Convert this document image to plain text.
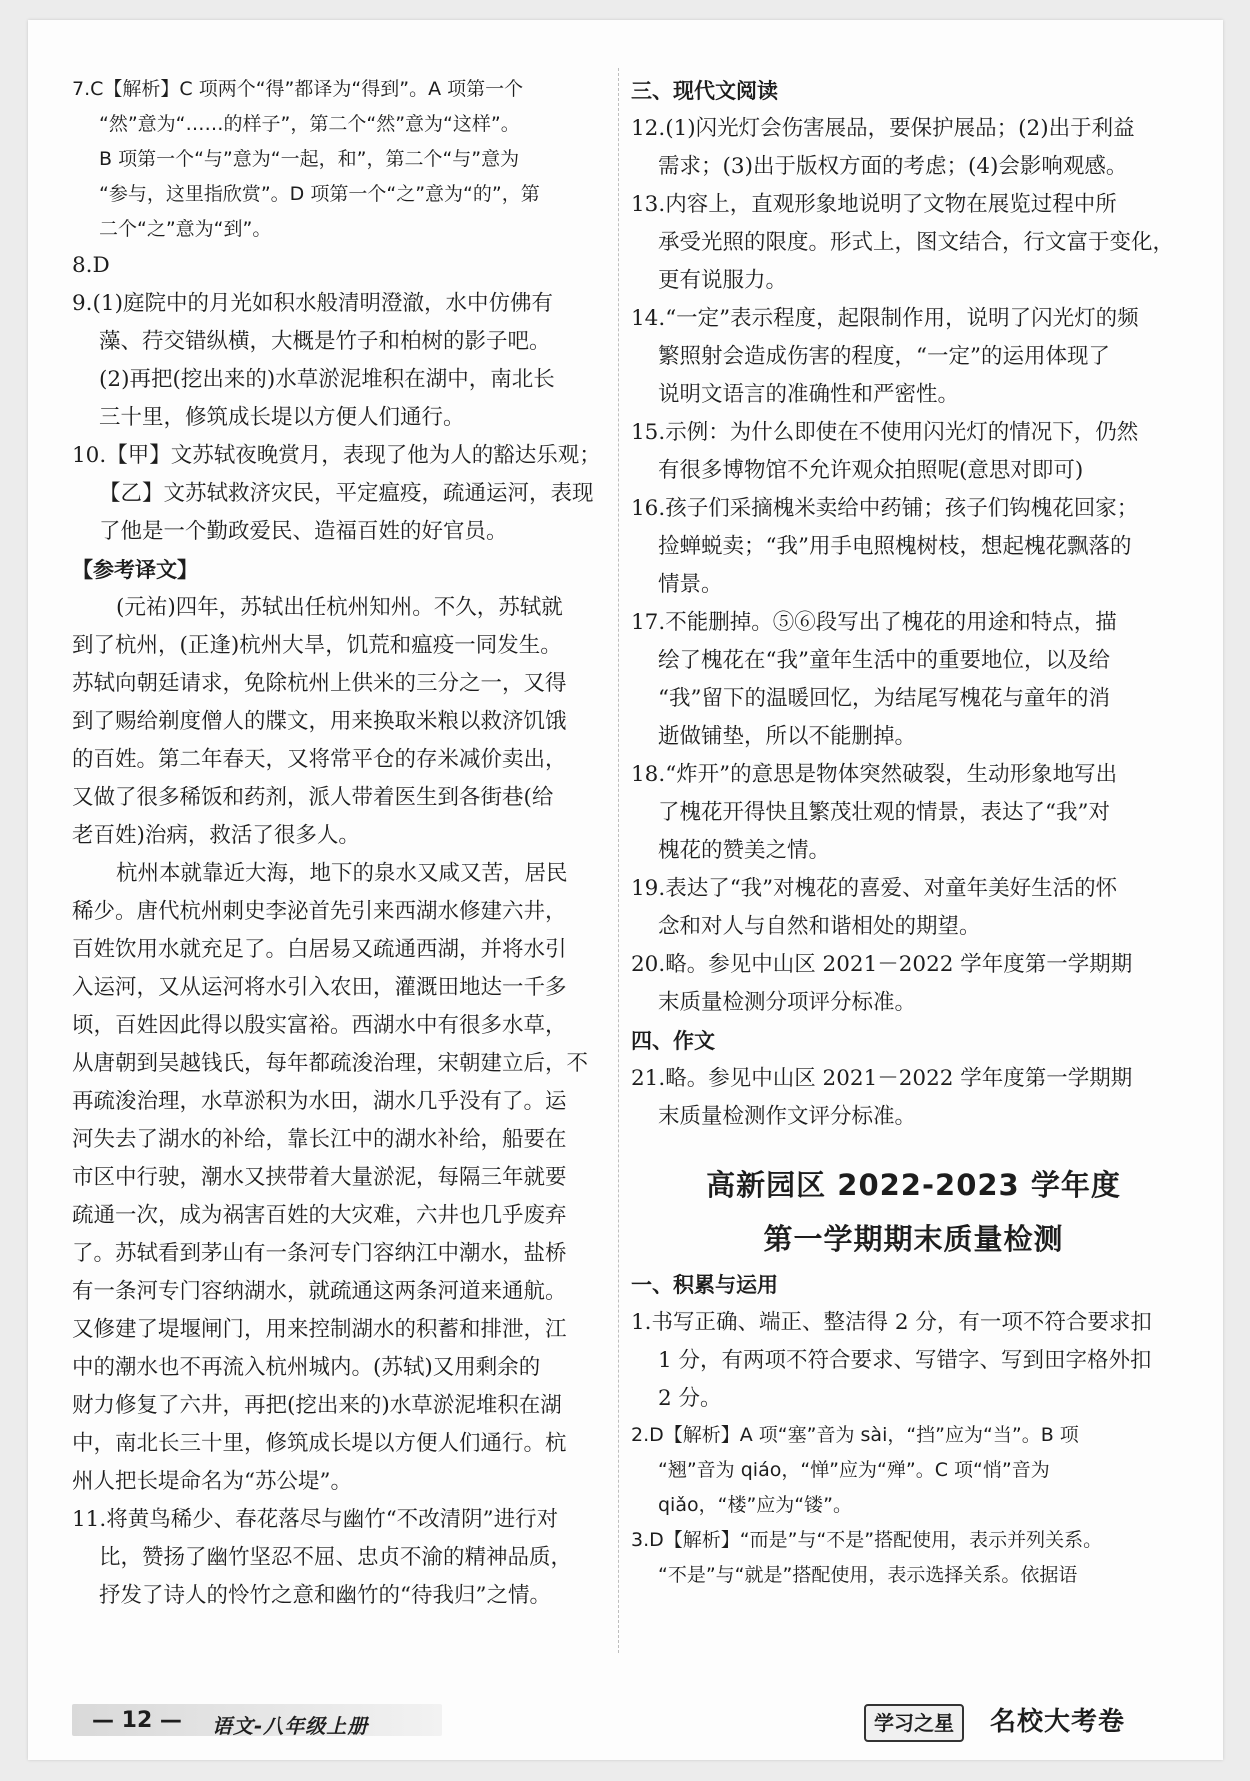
7.C【解析】C 项两个“得”都译为“得到”。A 项第一个
“然”意为“……的样子”，第二个“然”意为“这样”。
B 项第一个“与”意为“一起，和”，第二个“与”意为
“参与，这里指欣赏”。D 项第一个“之”意为“的”，第
二个“之”意为“到”。
8.D
9.(1)庭院中的月光如积水般清明澄澈，水中仿佛有
藻、荇交错纵横，大概是竹子和柏树的影子吧。
(2)再把(挖出来的)水草淤泥堆积在湖中，南北长
三十里，修筑成长堤以方便人们通行。
10.【甲】文苏轼夜晚赏月，表现了他为人的豁达乐观；
【乙】文苏轼救济灾民，平定瘟疫，疏通运河，表现
了他是一个勤政爱民、造福百姓的好官员。
【参考译文】
(元祐)四年，苏轼出任杭州知州。不久，苏轼就
到了杭州，(正逢)杭州大旱，饥荒和瘟疫一同发生。
苏轼向朝廷请求，免除杭州上供米的三分之一，又得
到了赐给剃度僧人的牒文，用来换取米粮以救济饥饿
的百姓。第二年春天，又将常平仓的存米减价卖出，
又做了很多稀饭和药剂，派人带着医生到各街巷(给
老百姓)治病，救活了很多人。
杭州本就靠近大海，地下的泉水又咸又苦，居民
稀少。唐代杭州刺史李泌首先引来西湖水修建六井，
百姓饮用水就充足了。白居易又疏通西湖，并将水引
入运河，又从运河将水引入农田，灌溉田地达一千多
顷，百姓因此得以殷实富裕。西湖水中有很多水草，
从唐朝到吴越钱氏，每年都疏浚治理，宋朝建立后，不
再疏浚治理，水草淤积为水田，湖水几乎没有了。运
河失去了湖水的补给，靠长江中的湖水补给，船要在
市区中行驶，潮水又挟带着大量淤泥，每隔三年就要
疏通一次，成为祸害百姓的大灾难，六井也几乎废弃
了。苏轼看到茅山有一条河专门容纳江中潮水，盐桥
有一条河专门容纳湖水，就疏通这两条河道来通航。
又修建了堤堰闸门，用来控制湖水的积蓄和排泄，江
中的潮水也不再流入杭州城内。(苏轼)又用剩余的
财力修复了六井，再把(挖出来的)水草淤泥堆积在湖
中，南北长三十里，修筑成长堤以方便人们通行。杭
州人把长堤命名为“苏公堤”。
11.将黄鸟稀少、春花落尽与幽竹“不改清阴”进行对
比，赞扬了幽竹坚忍不屈、忠贞不渝的精神品质，
抒发了诗人的怜竹之意和幽竹的“待我归”之情。
三、现代文阅读
12.(1)闪光灯会伤害展品，要保护展品；(2)出于利益
需求；(3)出于版权方面的考虑；(4)会影响观感。
13.内容上，直观形象地说明了文物在展览过程中所
承受光照的限度。形式上，图文结合，行文富于变化，
更有说服力。
14.“一定”表示程度，起限制作用，说明了闪光灯的频
繁照射会造成伤害的程度，“一定”的运用体现了
说明文语言的准确性和严密性。
15.示例：为什么即使在不使用闪光灯的情况下，仍然
有很多博物馆不允许观众拍照呢(意思对即可)
16.孩子们采摘槐米卖给中药铺；孩子们钩槐花回家；
捡蝉蜕卖；“我”用手电照槐树枝，想起槐花飘落的
情景。
17.不能删掉。⑤⑥段写出了槐花的用途和特点，描
绘了槐花在“我”童年生活中的重要地位，以及给
“我”留下的温暖回忆，为结尾写槐花与童年的消
逝做铺垫，所以不能删掉。
18.“炸开”的意思是物体突然破裂，生动形象地写出
了槐花开得快且繁茂壮观的情景，表达了“我”对
槐花的赞美之情。
19.表达了“我”对槐花的喜爱、对童年美好生活的怀
念和对人与自然和谐相处的期望。
20.略。参见中山区 2021－2022 学年度第一学期期
末质量检测分项评分标准。
四、作文
21.略。参见中山区 2021－2022 学年度第一学期期
末质量检测作文评分标准。
高新园区 2022-2023 学年度
第一学期期末质量检测
一、积累与运用
1.书写正确、端正、整洁得 2 分，有一项不符合要求扣
1 分，有两项不符合要求、写错字、写到田字格外扣
2 分。
2.D【解析】A 项“塞”音为 sài，“挡”应为“当”。B 项
“翘”音为 qiáo，“惮”应为“殚”。C 项“悄”音为
qiǎo，“楼”应为“镂”。
3.D【解析】“而是”与“不是”搭配使用，表示并列关系。
“不是”与“就是”搭配使用，表示选择关系。依据语
— 12 — 语文-八年级上册	学习之星	名校大考卷
